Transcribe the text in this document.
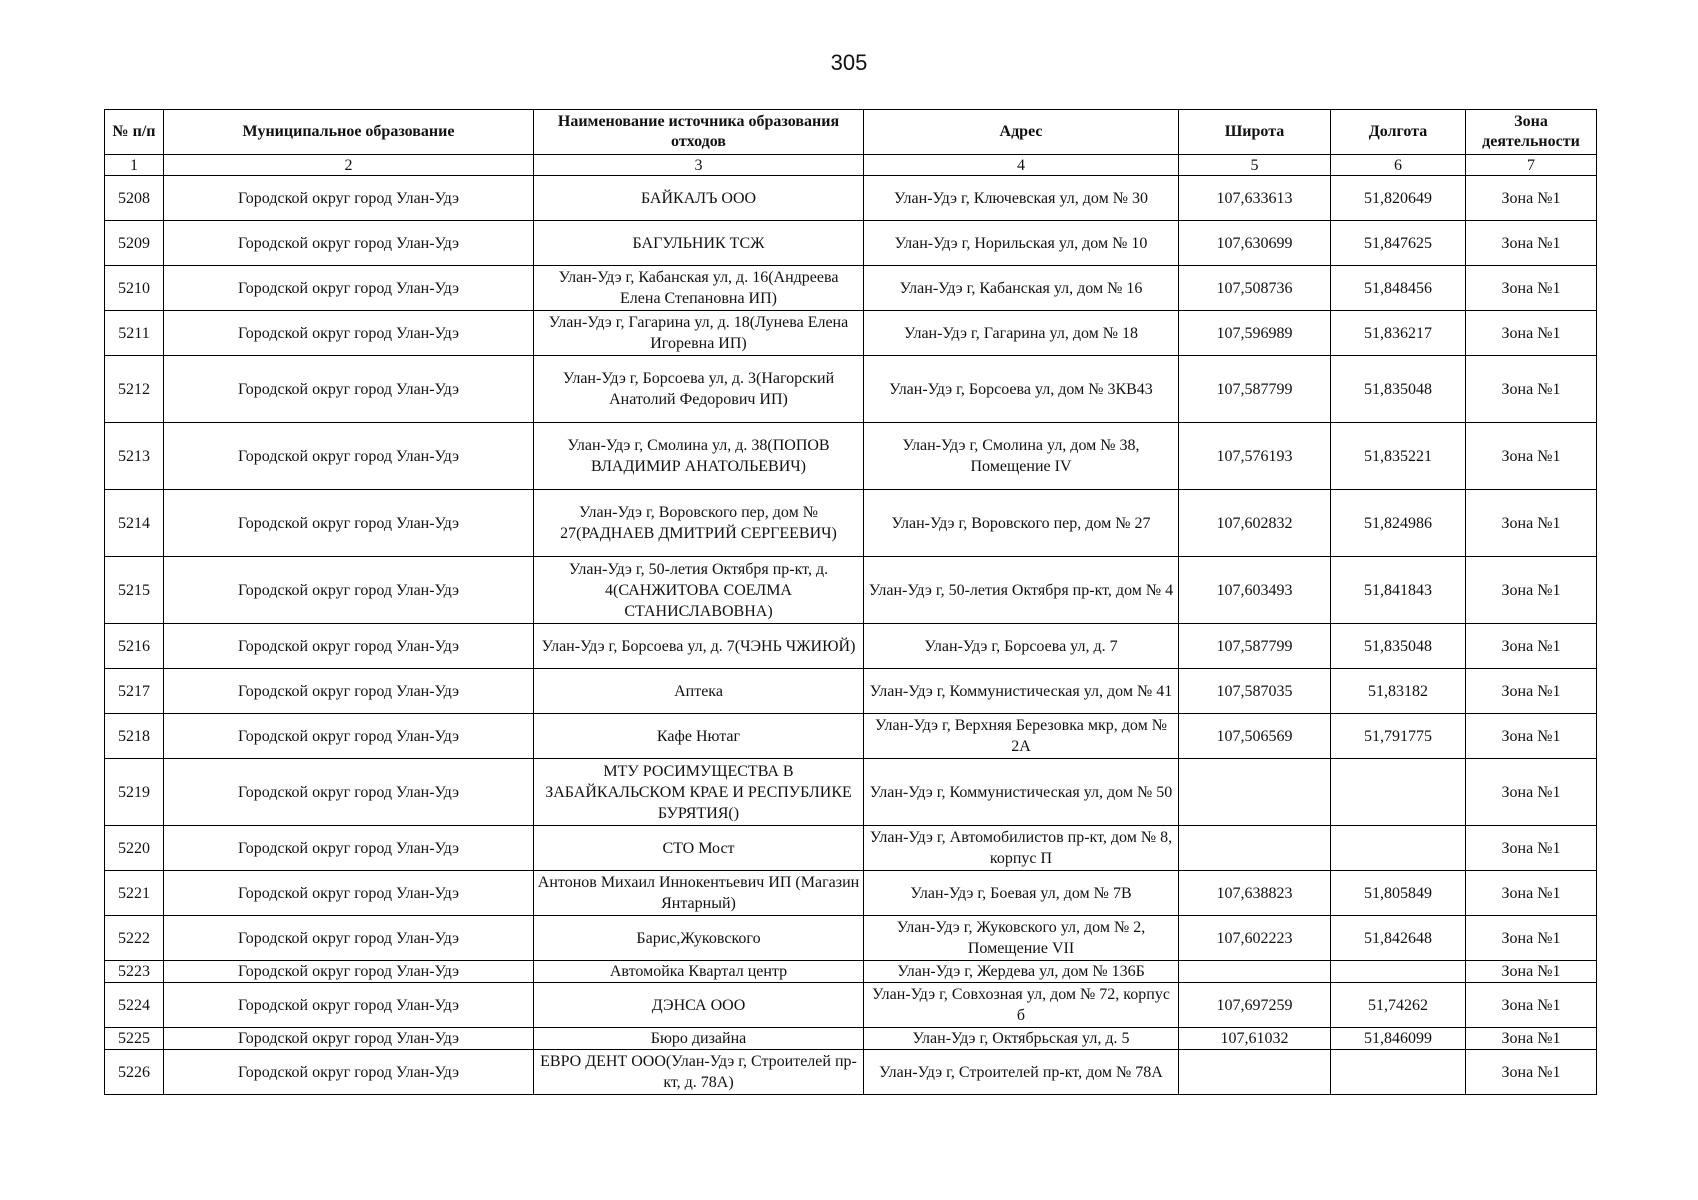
305
№ п/п	Муниципальное образование	Наименование источника образования отходов	Адрес	Широта	Долгота	Зона деятельности
1	2	3	4	5	6	7
5208	Городской округ город Улан-Удэ	БАЙКАЛЪ ООО	Улан-Удэ г, Ключевская ул, дом № 30	107,633613	51,820649	Зона №1
5209	Городской округ город Улан-Удэ	БАГУЛЬНИК ТСЖ	Улан-Удэ г, Норильская ул, дом № 10	107,630699	51,847625	Зона №1
5210	Городской округ город Улан-Удэ	Улан-Удэ г, Кабанская ул, д. 16(Андреева Елена Степановна ИП)	Улан-Удэ г, Кабанская ул, дом № 16	107,508736	51,848456	Зона №1
5211	Городской округ город Улан-Удэ	Улан-Удэ г, Гагарина ул, д. 18(Лунева Елена Игоревна ИП)	Улан-Удэ г, Гагарина ул, дом № 18	107,596989	51,836217	Зона №1
5212	Городской округ город Улан-Удэ	Улан-Удэ г, Борсоева ул, д. 3(Нагорский Анатолий Федорович ИП)	Улан-Удэ г, Борсоева ул, дом № 3КВ43	107,587799	51,835048	Зона №1
5213	Городской округ город Улан-Удэ	Улан-Удэ г, Смолина ул, д. 38(ПОПОВ ВЛАДИМИР АНАТОЛЬЕВИЧ)	Улан-Удэ г, Смолина ул, дом № 38, Помещение IV	107,576193	51,835221	Зона №1
5214	Городской округ город Улан-Удэ	Улан-Удэ г, Воровского пер, дом № 27(РАДНАЕВ ДМИТРИЙ СЕРГЕЕВИЧ)	Улан-Удэ г, Воровского пер, дом № 27	107,602832	51,824986	Зона №1
5215	Городской округ город Улан-Удэ	Улан-Удэ г, 50-летия Октября пр-кт, д. 4(САНЖИТОВА СОЕЛМА СТАНИСЛАВОВНА)	Улан-Удэ г, 50-летия Октября пр-кт, дом № 4	107,603493	51,841843	Зона №1
5216	Городской округ город Улан-Удэ	Улан-Удэ г, Борсоева ул, д. 7(ЧЭНЬ ЧЖИЮЙ)	Улан-Удэ г, Борсоева ул, д. 7	107,587799	51,835048	Зона №1
5217	Городской округ город Улан-Удэ	Аптека	Улан-Удэ г, Коммунистическая ул, дом № 41	107,587035	51,83182	Зона №1
5218	Городской округ город Улан-Удэ	Кафе Нютаг	Улан-Удэ г, Верхняя Березовка мкр, дом № 2А	107,506569	51,791775	Зона №1
5219	Городской округ город Улан-Удэ	МТУ РОСИМУЩЕСТВА В ЗАБАЙКАЛЬСКОМ КРАЕ И РЕСПУБЛИКЕ БУРЯТИЯ()	Улан-Удэ г, Коммунистическая ул, дом № 50			Зона №1
5220	Городской округ город Улан-Удэ	СТО Мост	Улан-Удэ г, Автомобилистов пр-кт, дом № 8, корпус П			Зона №1
5221	Городской округ город Улан-Удэ	Антонов Михаил Иннокентьевич ИП (Магазин Янтарный)	Улан-Удэ г, Боевая ул, дом № 7В	107,638823	51,805849	Зона №1
5222	Городской округ город Улан-Удэ	Барис,Жуковского	Улан-Удэ г, Жуковского ул, дом № 2, Помещение VII	107,602223	51,842648	Зона №1
5223	Городской округ город Улан-Удэ	Автомойка Квартал центр	Улан-Удэ г, Жердева ул, дом № 136Б			Зона №1
5224	Городской округ город Улан-Удэ	ДЭНСА ООО	Улан-Удэ г, Совхозная ул, дом № 72, корпус б	107,697259	51,74262	Зона №1
5225	Городской округ город Улан-Удэ	Бюро дизайна	Улан-Удэ г, Октябрьская ул, д. 5	107,61032	51,846099	Зона №1
5226	Городской округ город Улан-Удэ	ЕВРО ДЕНТ ООО(Улан-Удэ г, Строителей пр-кт, д. 78А)	Улан-Удэ г, Строителей пр-кт, дом № 78А			Зона №1
